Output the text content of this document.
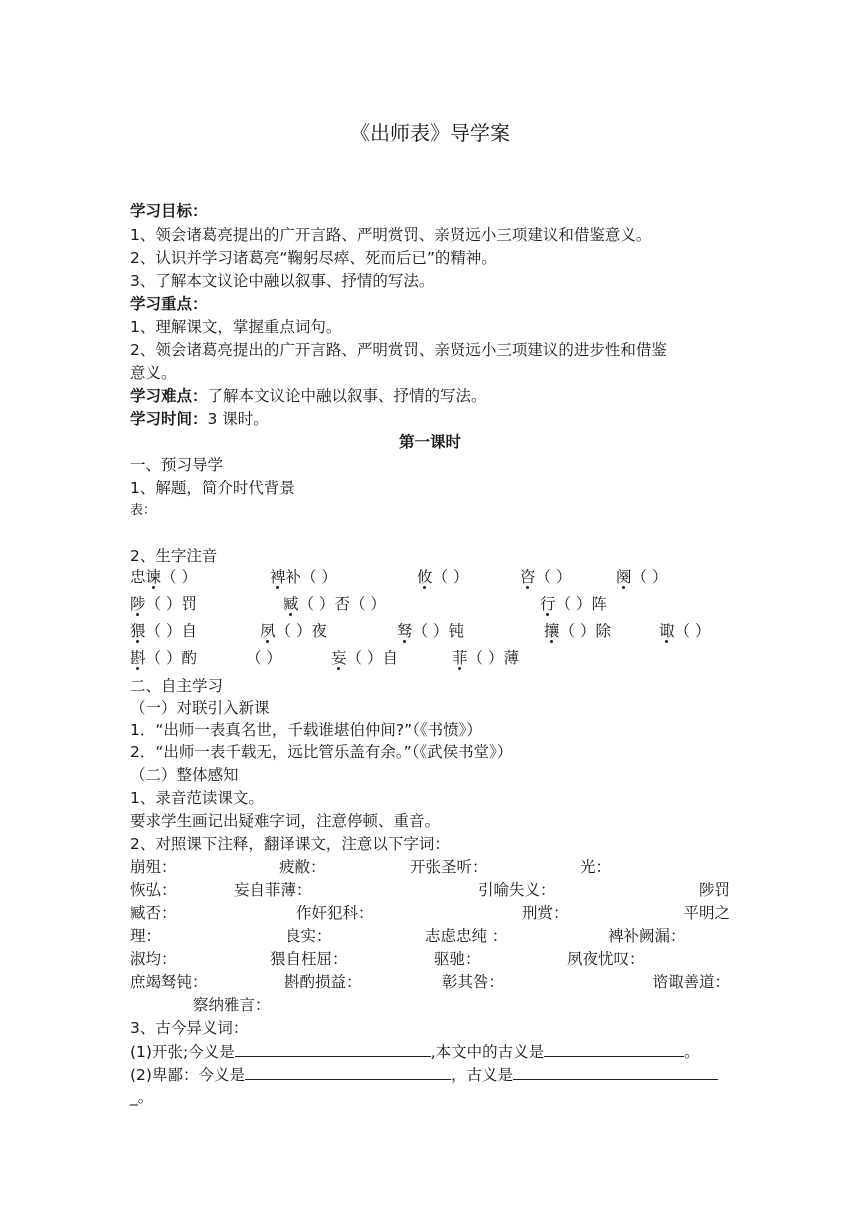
《出师表》导学案
学习目标：
1、领会诸葛亮提出的广开言路、严明赏罚、亲贤远小三项建议和借鉴意义。
2、认识并学习诸葛亮“鞠躬尽瘁、死而后已”的精神。
3、了解本文议论中融以叙事、抒情的写法。
学习重点：
1、理解课文，掌握重点词句。
2、领会诸葛亮提出的广开言路、严明赏罚、亲贤远小三项建议的进步性和借鉴
意义。
学习难点：了解本文议论中融以叙事、抒情的写法。
学习时间：3 课时。
第一课时
一、预习导学
1、解题，简介时代背景
表：
2、生字注音
忠谏（ ）	裨补（ ）	攸（ ）	咨（ ）	阕（ ）
陟（ ）罚	臧（ ）否（ ）	行（ ）阵
猥（ ）自	夙（ ）夜	驽（ ）钝	攘（ ）除	诹（ ）
斟（ ）酌	（ ）	妄（ ）自	菲（ ）薄
二、自主学习
（一）对联引入新课
1．“出师一表真名世，千载谁堪伯仲间?”（《书愤》）
2．“出师一表千载无，远比管乐盖有余。”（《武侯书堂》）
（二）整体感知
1、录音范读课文。
要求学生画记出疑难字词，注意停顿、重音。
2、对照课下注释，翻译课文，注意以下字词：
崩殂：	疲敝：	开张圣听：	光：
恢弘：	妄自菲薄：	引喻失义：	陟罚
臧否：	作奸犯科：	刑赏：	平明之
理：	良实：	志虑忠纯 ：	裨补阙漏：
淑均：	猥自枉屈：	驱驰：	夙夜忧叹：
庶竭驽钝：	斟酌损益：	彰其咎：	谘诹善道：
察纳雅言：
3、古今异义词：
(1)开张;今义是	,本文中的古义是	。
(2)卑鄙：今义是	，古义是
_。
